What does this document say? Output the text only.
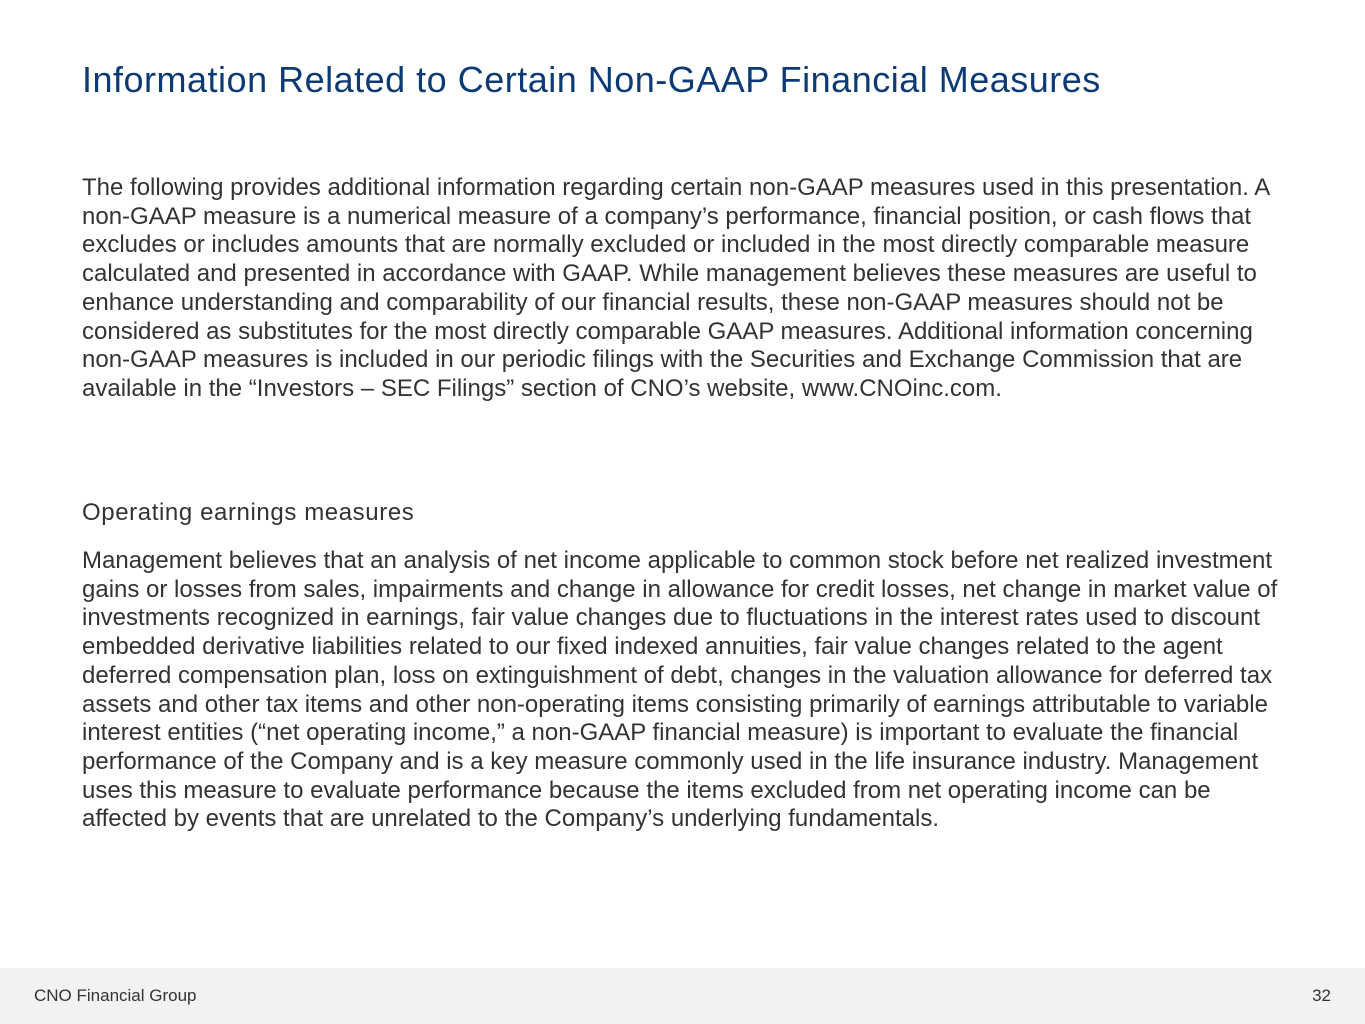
Information Related to Certain Non-GAAP Financial Measures

The following provides additional information regarding certain non-GAAP measures used in this presentation. A non-GAAP measure is a numerical measure of a company’s performance, financial position, or cash flows that excludes or includes amounts that are normally excluded or included in the most directly comparable measure calculated and presented in accordance with GAAP. While management believes these measures are useful to enhance understanding and comparability of our financial results, these non-GAAP measures should not be considered as substitutes for the most directly comparable GAAP measures. Additional information concerning non-GAAP measures is included in our periodic filings with the Securities and Exchange Commission that are available in the “Investors – SEC Filings” section of CNO’s website, www.CNOinc.com.

Operating earnings measures

Management believes that an analysis of net income applicable to common stock before net realized investment gains or losses from sales, impairments and change in allowance for credit losses, net change in market value of investments recognized in earnings, fair value changes due to fluctuations in the interest rates used to discount embedded derivative liabilities related to our fixed indexed annuities, fair value changes related to the agent deferred compensation plan, loss on extinguishment of debt, changes in the valuation allowance for deferred tax assets and other tax items and other non-operating items consisting primarily of earnings attributable to variable interest entities (“net operating income,” a non-GAAP financial measure) is important to evaluate the financial performance of the Company and is a key measure commonly used in the life insurance industry. Management uses this measure to evaluate performance because the items excluded from net operating income can be affected by events that are unrelated to the Company’s underlying fundamentals.

CNO Financial Group	32
